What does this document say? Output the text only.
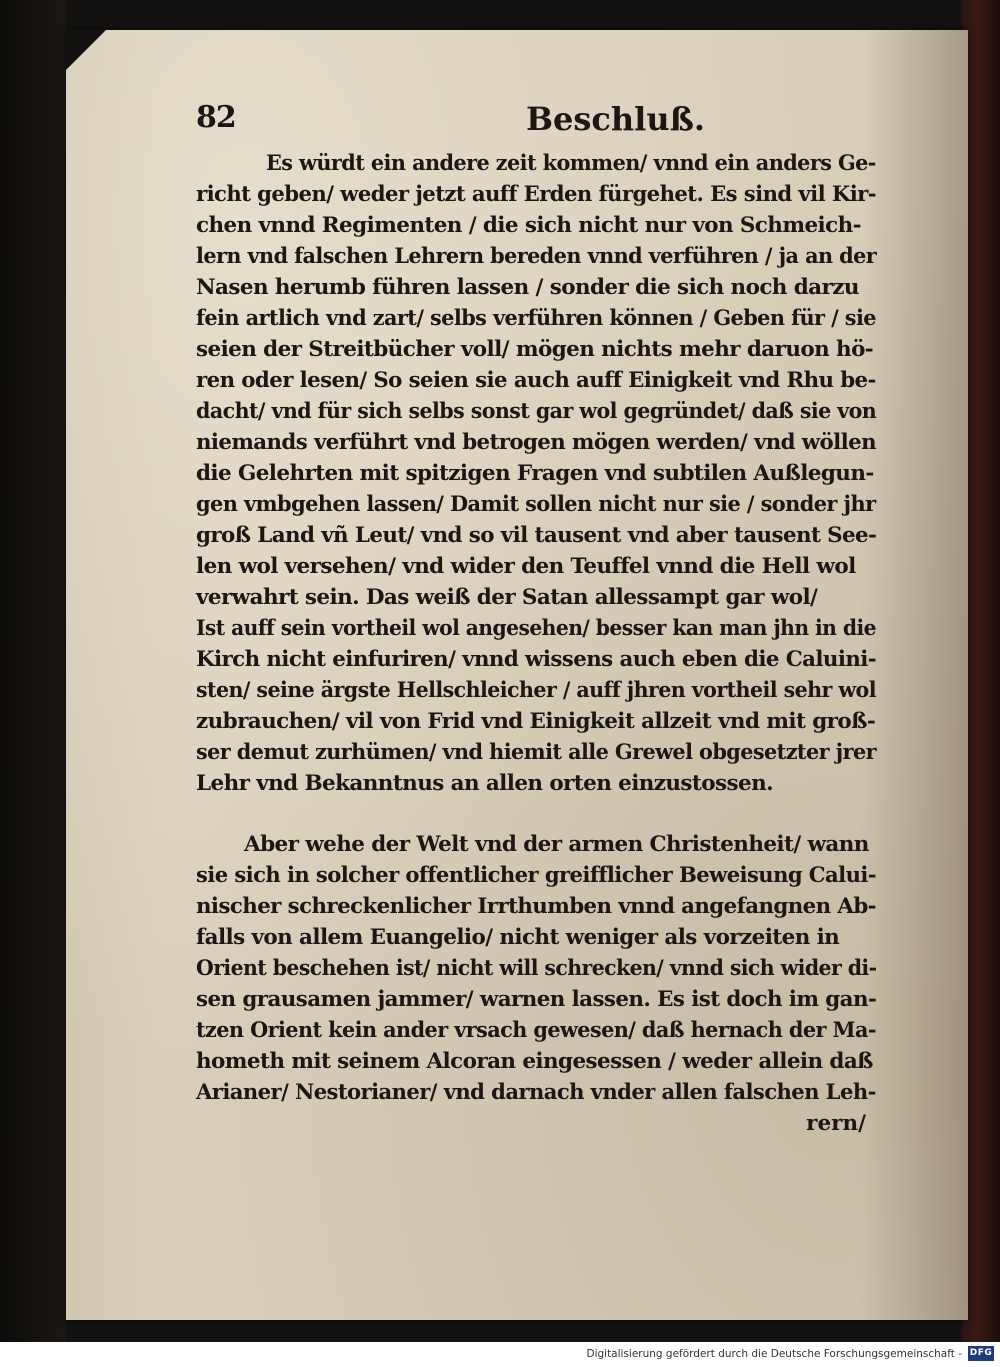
82	Beschluß.

Es würdt ein andere zeit kommen/ vnnd ein anders Ge-
richt geben/ weder jetzt auff Erden fürgehet. Es sind vil Kir-
chen vnnd Regimenten / die sich nicht nur von Schmeich-
lern vnd falschen Lehrern bereden vnnd verführen / ja an der
Nasen herumb führen lassen / sonder die sich noch darzu
fein artlich vnd zart/ selbs verführen können / Geben für / sie
seien der Streitbücher voll/ mögen nichts mehr daruon hö-
ren oder lesen/ So seien sie auch auff Einigkeit vnd Rhu be-
dacht/ vnd für sich selbs sonst gar wol gegründet/ daß sie von
niemands verführt vnd betrogen mögen werden/ vnd wöllen
die Gelehrten mit spitzigen Fragen vnd subtilen Außlegun-
gen vmbgehen lassen/ Damit sollen nicht nur sie / sonder jhr
groß Land vñ Leut/ vnd so vil tausent vnd aber tausent See-
len wol versehen/ vnd wider den Teuffel vnnd die Hell wol
verwahrt sein. Das weiß der Satan allessampt gar wol/
Ist auff sein vortheil wol angesehen/ besser kan man jhn in die
Kirch nicht einfuriren/ vnnd wissens auch eben die Caluini-
sten/ seine ärgste Hellschleicher / auff jhren vortheil sehr wol
zubrauchen/ vil von Frid vnd Einigkeit allzeit vnd mit groß-
ser demut zurhümen/ vnd hiemit alle Grewel obgesetzter jrer
Lehr vnd Bekanntnus an allen orten einzustossen.

Aber wehe der Welt vnd der armen Christenheit/ wann
sie sich in solcher offentlicher greifflicher Beweisung Calui-
nischer schreckenlicher Irrthumben vnnd angefangnen Ab-
falls von allem Euangelio/ nicht weniger als vorzeiten in
Orient beschehen ist/ nicht will schrecken/ vnnd sich wider di-
sen grausamen jammer/ warnen lassen. Es ist doch im gan-
tzen Orient kein ander vrsach gewesen/ daß hernach der Ma-
hometh mit seinem Alcoran eingesessen / weder allein daß
Arianer/ Nestorianer/ vnd darnach vnder allen falschen Leh-

rern/
Digitalisierung gefördert durch die Deutsche Forschungsgemeinschaft - DFG
